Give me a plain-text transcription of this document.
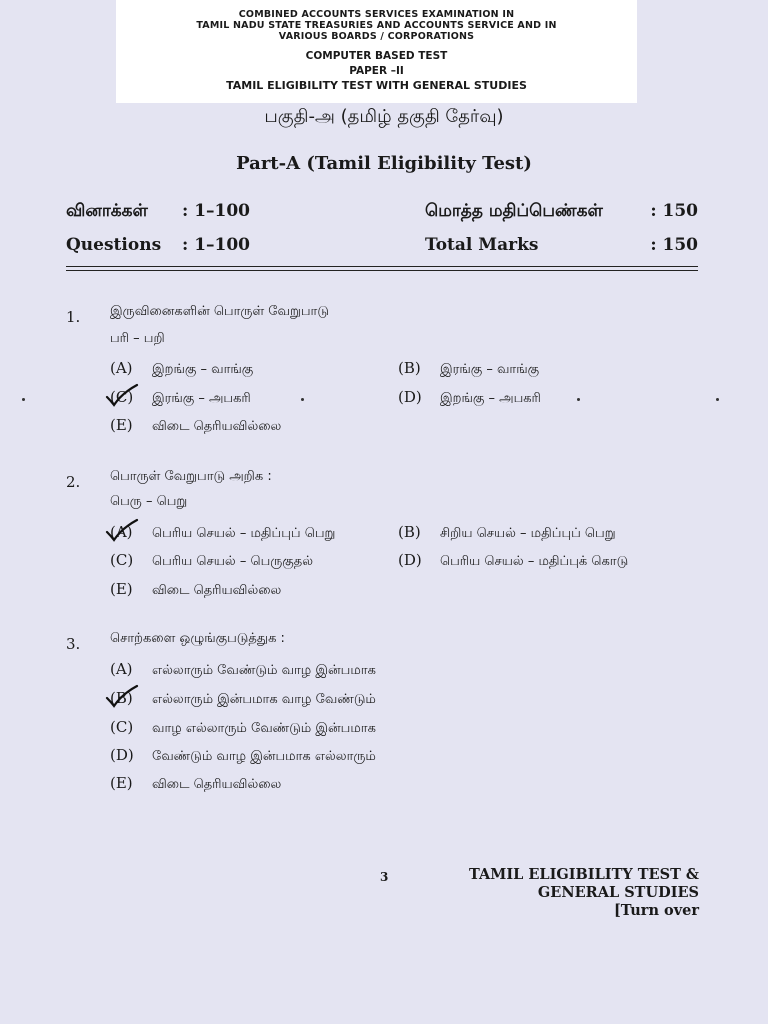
COMBINED ACCOUNTS SERVICES EXAMINATION IN
TAMIL NADU STATE TREASURIES AND ACCOUNTS SERVICE AND IN
VARIOUS BOARDS / CORPORATIONS
COMPUTER BASED TEST
PAPER –II
TAMIL ELIGIBILITY TEST WITH GENERAL STUDIES
பகுதி-அ (தமிழ் தகுதி தேர்வு)
Part-A (Tamil Eligibility Test)
வினாக்கள் : 1–100	மொத்த மதிப்பெண்கள்	: 150
Questions : 1–100	Total Marks	: 150
1. இருவினைகளின் பொருள் வேறுபாடு
பரி – பறி
(A) இறங்கு – வாங்கு	(B) இரங்கு – வாங்கு
(C) இரங்கு – அபகரி	(D) இறங்கு – அபகரி
(E) விடை தெரியவில்லை
2. பொருள் வேறுபாடு அறிக :
பெரு – பெறு
(A) பெரிய செயல் – மதிப்புப் பெறு	(B) சிறிய செயல் – மதிப்புப் பெறு
(C) பெரிய செயல் – பெருகுதல்	(D) பெரிய செயல் – மதிப்புக் கொடு
(E) விடை தெரியவில்லை
3. சொற்களை ஒழுங்குபடுத்துக :
(A) எல்லாரும் வேண்டும் வாழ இன்பமாக
(B) எல்லாரும் இன்பமாக வாழ வேண்டும்
(C) வாழ எல்லாரும் வேண்டும் இன்பமாக
(D) வேண்டும் வாழ இன்பமாக எல்லாரும்
(E) விடை தெரியவில்லை
3	TAMIL ELIGIBILITY TEST &
GENERAL STUDIES
[Turn over
